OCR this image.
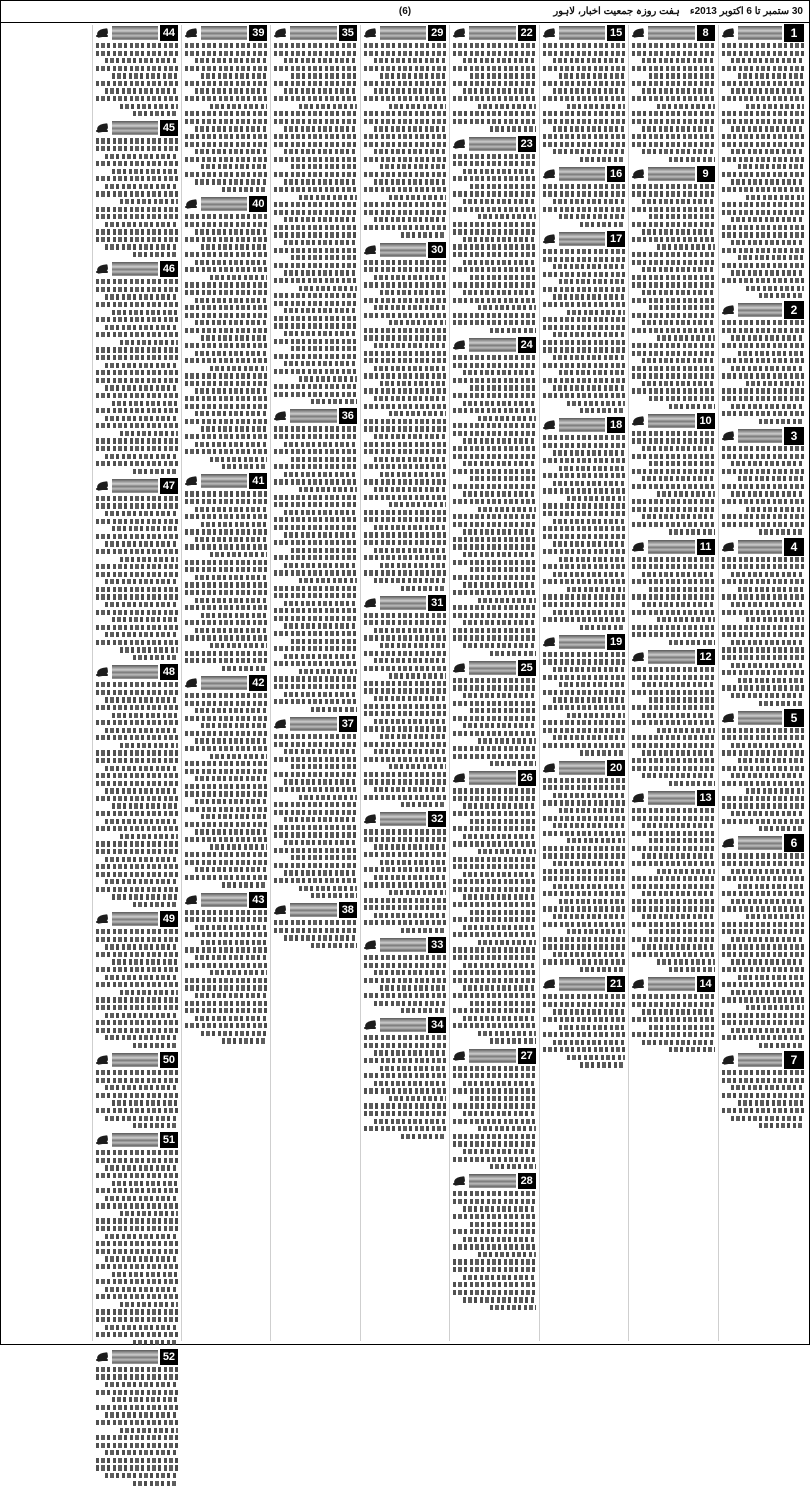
30 ستمبر تا 6 اکتوبر 2013ء
ہفت روزہ جمعیت اخبار، لاہور
(6)
1
2
3
4
5
6
7
8
9
10
11
12
13
14
15
16
17
18
19
20
21
22
23
24
25
26
27
28
29
30
31
32
33
34
35
36
37
38
39
40
41
42
43
44
45
46
47
48
49
50
51
52
